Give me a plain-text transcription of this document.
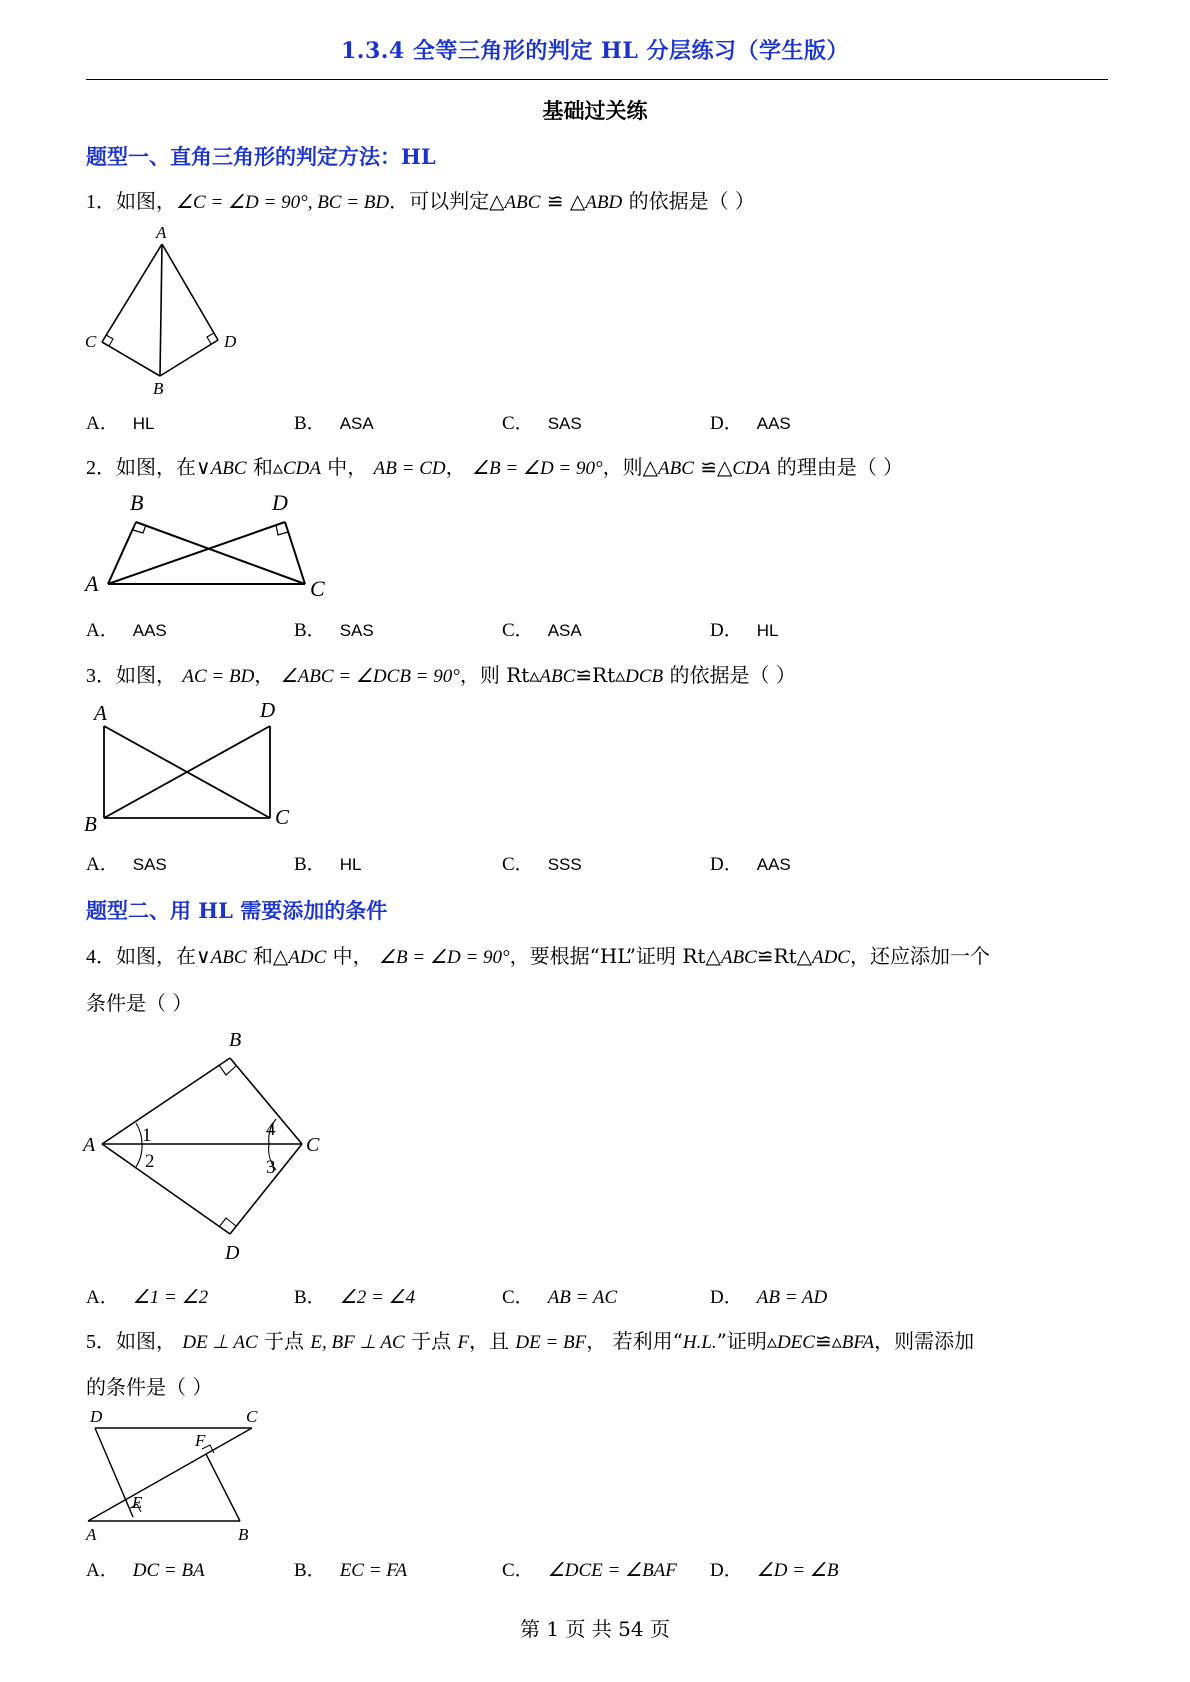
1.3.4 全等三角形的判定 HL 分层练习（学生版）
基础过关练
题型一、直角三角形的判定方法：HL
1．如图，∠C = ∠D = 90°, BC = BD．可以判定△ABC ≌ △ABD 的依据是（ ）
A
C	D
B
A． HL	B． ASA	C． SAS	D． AAS
2．如图，在∨ABC 和▵CDA 中， AB = CD， ∠B = ∠D = 90°，则△ABC ≌△CDA 的理由是（ ）
B	D
A	C
A． AAS	B． SAS	C． ASA	D． HL
3．如图， AC = BD， ∠ABC = ∠DCB = 90°，则 Rt▵ABC≌Rt▵DCB 的依据是（ ）
A	D
B	C
A． SAS	B． HL	C． SSS	D． AAS
题型二、用 HL 需要添加的条件
4．如图，在∨ABC 和△ADC 中， ∠B = ∠D = 90°，要根据“HL”证明 Rt△ABC≌Rt△ADC，还应添加一个
条件是（ ）
B
A	C
D
1
2
4
3
A． ∠1 = ∠2	B． ∠2 = ∠4	C． AB = AC	D． AB = AD
5．如图， DE ⊥ AC 于点 E, BF ⊥ AC 于点 F，且 DE = BF， 若利用“H.L.”证明▵DEC≌▵BFA，则需添加
的条件是（ ）
D	C
F
E
A	B
A． DC = BA	B． EC = FA	C． ∠DCE = ∠BAF D． ∠D = ∠B
第 1 页 共 54 页
